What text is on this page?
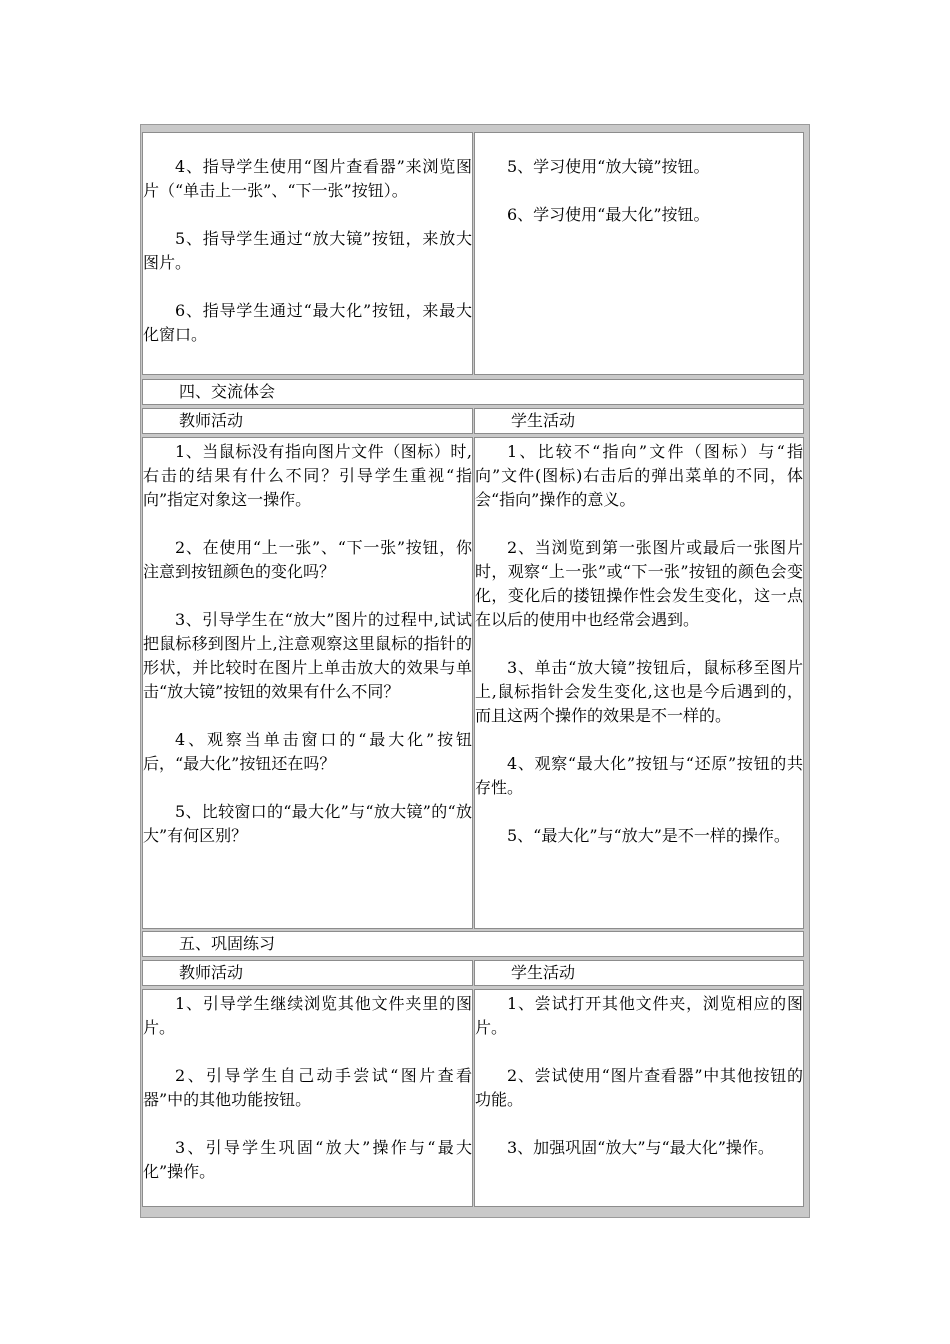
4、指导学生使用“图片查看器”来浏览图片（“单击上一张”、“下一张”按钮）。

5、指导学生通过“放大镜”按钮，来放大图片。

6、指导学生通过“最大化”按钮，来最大化窗口。

5、学习使用“放大镜”按钮。

6、学习使用“最大化”按钮。

四、交流体会
教师活动	学生活动

1、当鼠标没有指向图片文件（图标）时,右击的结果有什么不同？引导学生重视“指向”指定对象这一操作。

2、在使用“上一张”、“下一张”按钮，你注意到按钮颜色的变化吗？

3、引导学生在“放大”图片的过程中,试试把鼠标移到图片上,注意观察这里鼠标的指针的形状，并比较时在图片上单击放大的效果与单击“放大镜”按钮的效果有什么不同？

4、观察当单击窗口的“最大化”按钮后，“最大化”按钮还在吗？

5、比较窗口的“最大化”与“放大镜”的“放大”有何区别？

1、比较不“指向”文件（图标）与“指向”文件(图标)右击后的弹出菜单的不同，体会“指向”操作的意义。

2、当浏览到第一张图片或最后一张图片时，观察“上一张”或“下一张”按钮的颜色会变化，变化后的搂钮操作性会发生变化，这一点在以后的使用中也经常会遇到。

3、单击“放大镜”按钮后，鼠标移至图片上,鼠标指针会发生变化,这也是今后遇到的，而且这两个操作的效果是不一样的。

4、观察“最大化”按钮与“还原”按钮的共存性。

5、“最大化”与“放大”是不一样的操作。

五、巩固练习
教师活动	学生活动

1、引导学生继续浏览其他文件夹里的图片。

2、引导学生自己动手尝试“图片查看器”中的其他功能按钮。

3、引导学生巩固“放大”操作与“最大化”操作。

1、尝试打开其他文件夹，浏览相应的图片。

2、尝试使用“图片查看器”中其他按钮的功能。

3、加强巩固“放大”与“最大化”操作。
